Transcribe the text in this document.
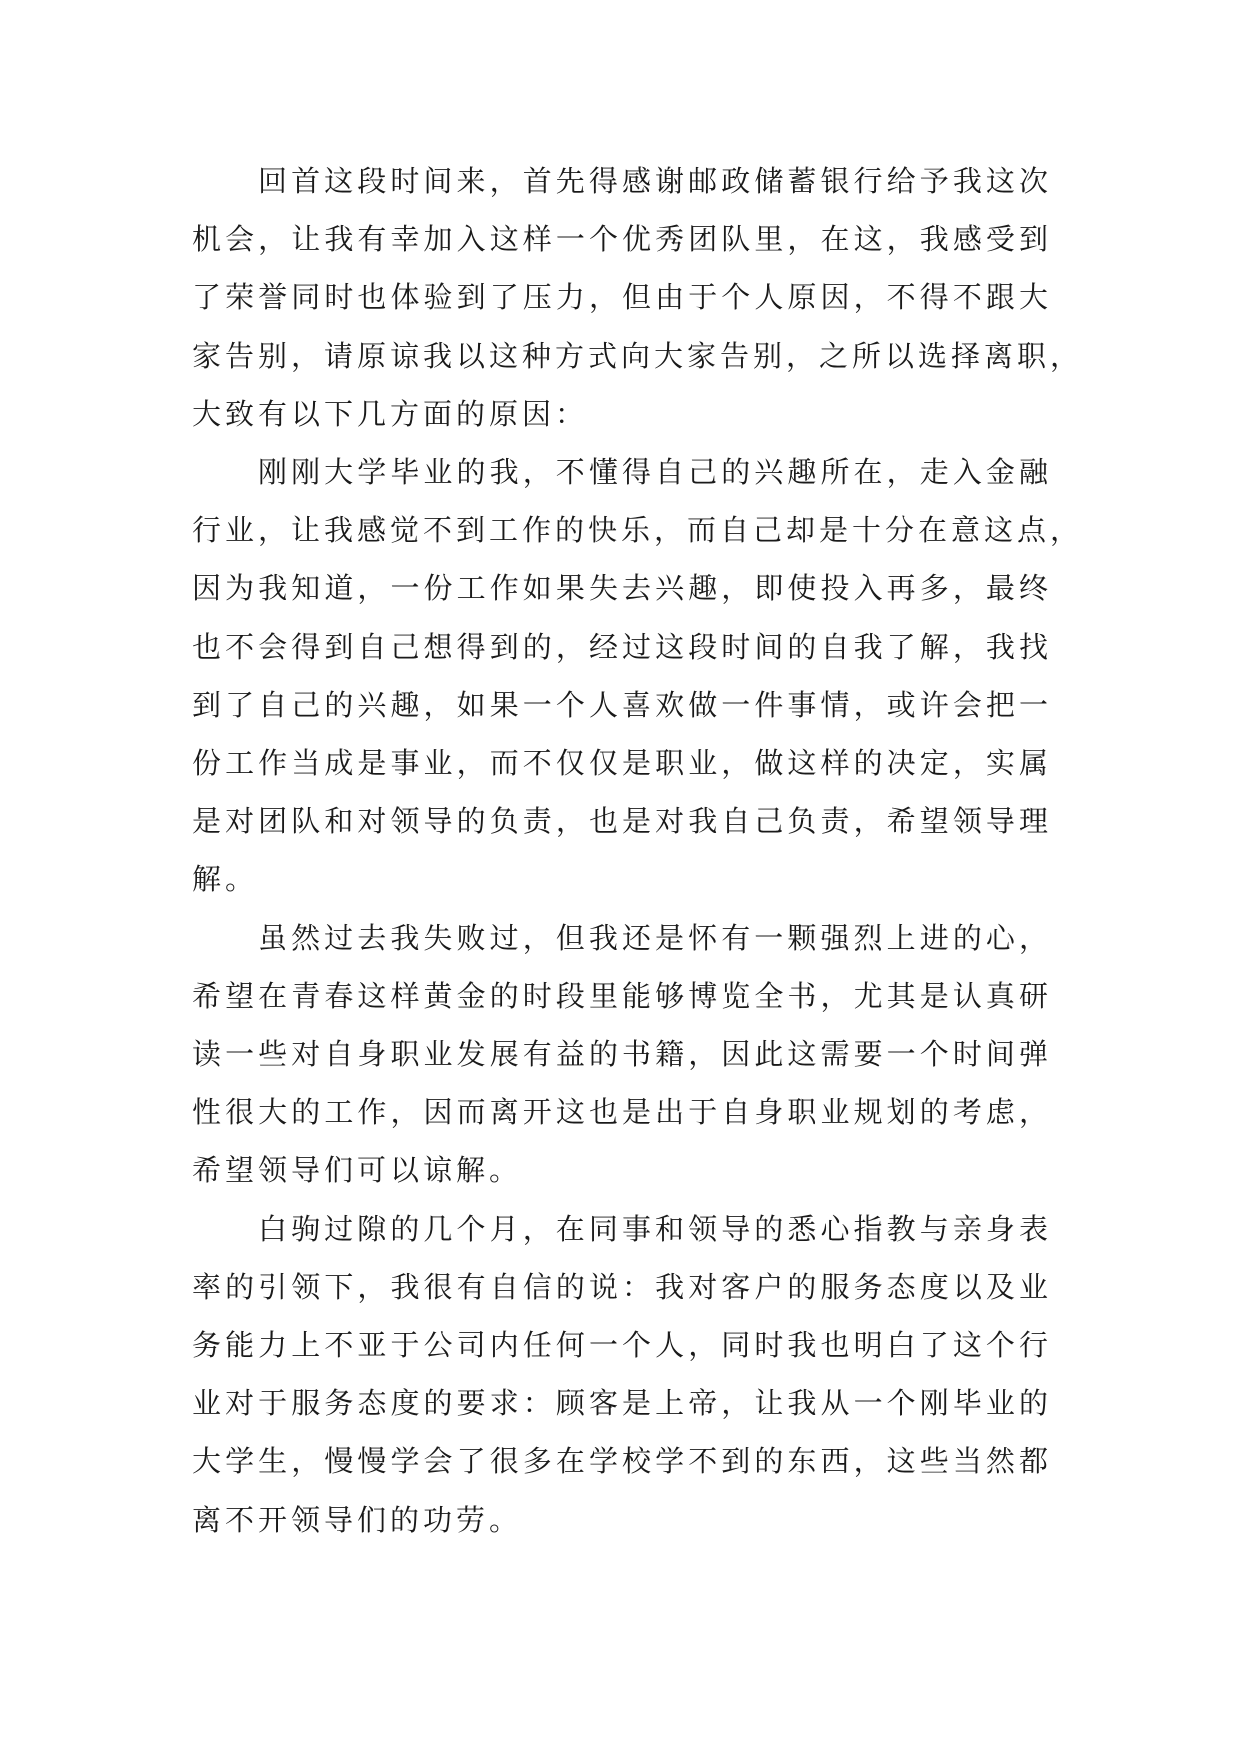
回首这段时间来，首先得感谢邮政储蓄银行给予我这次
机会，让我有幸加入这样一个优秀团队里，在这，我感受到
了荣誉同时也体验到了压力，但由于个人原因，不得不跟大
家告别，请原谅我以这种方式向大家告别，之所以选择离职，
大致有以下几方面的原因：

刚刚大学毕业的我，不懂得自己的兴趣所在，走入金融
行业，让我感觉不到工作的快乐，而自己却是十分在意这点，
因为我知道，一份工作如果失去兴趣，即使投入再多，最终
也不会得到自己想得到的，经过这段时间的自我了解，我找
到了自己的兴趣，如果一个人喜欢做一件事情，或许会把一
份工作当成是事业，而不仅仅是职业，做这样的决定，实属
是对团队和对领导的负责，也是对我自己负责，希望领导理
解。

虽然过去我失败过，但我还是怀有一颗强烈上进的心，
希望在青春这样黄金的时段里能够博览全书，尤其是认真研
读一些对自身职业发展有益的书籍，因此这需要一个时间弹
性很大的工作，因而离开这也是出于自身职业规划的考虑，
希望领导们可以谅解。

白驹过隙的几个月，在同事和领导的悉心指教与亲身表
率的引领下，我很有自信的说：我对客户的服务态度以及业
务能力上不亚于公司内任何一个人，同时我也明白了这个行
业对于服务态度的要求：顾客是上帝，让我从一个刚毕业的
大学生，慢慢学会了很多在学校学不到的东西，这些当然都
离不开领导们的功劳。
